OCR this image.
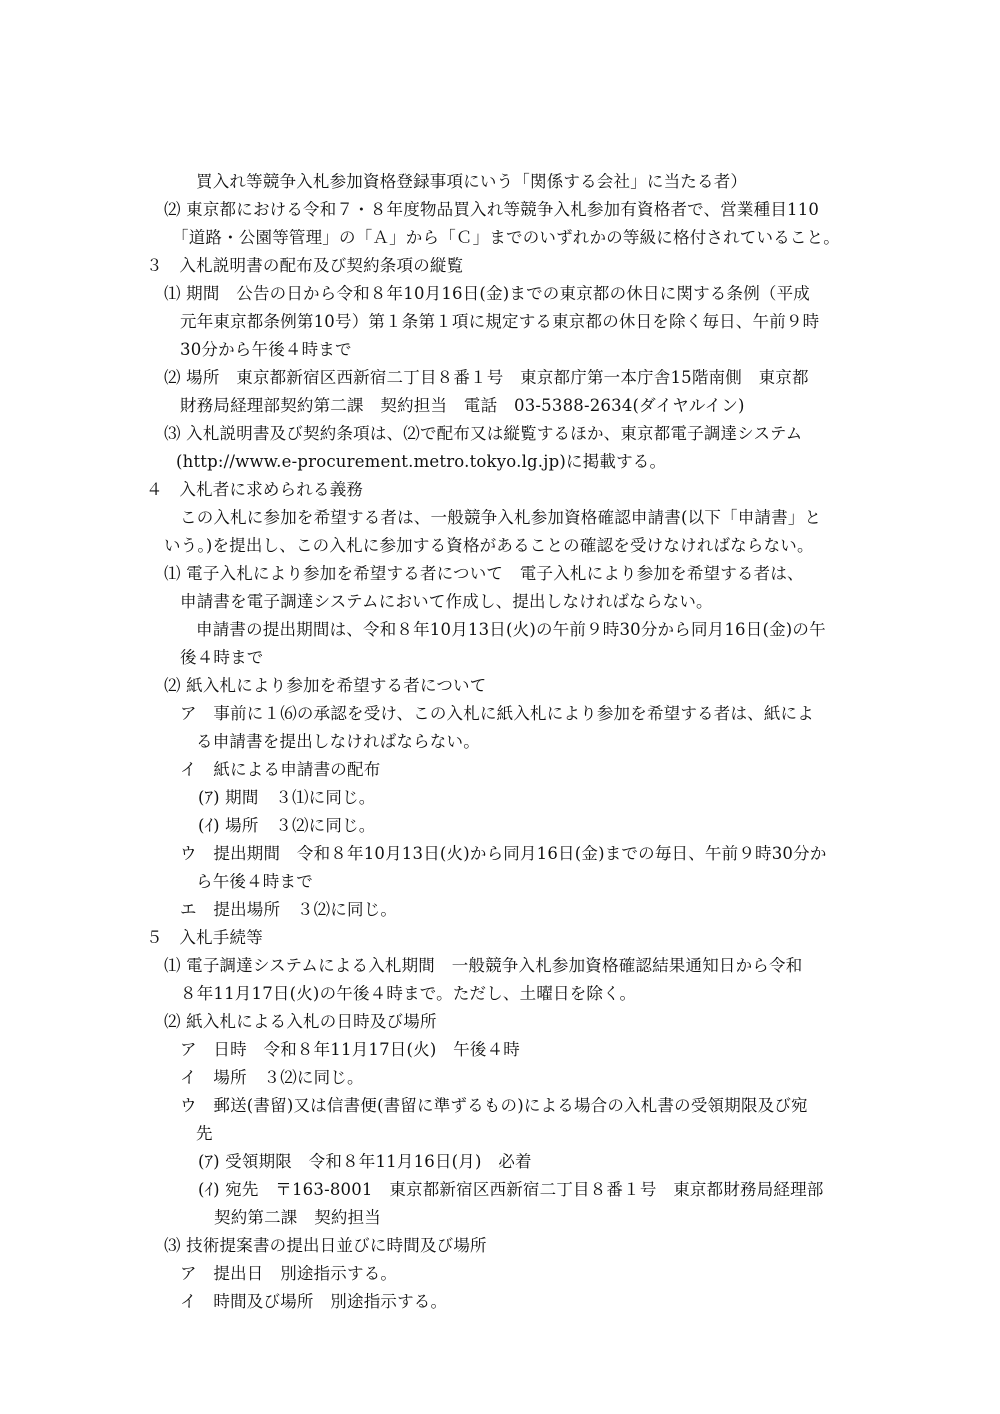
買入れ等競争入札参加資格登録事項にいう「関係する会社」に当たる者）
⑵ 東京都における令和７・８年度物品買入れ等競争入札参加有資格者で、営業種目110
「道路・公園等管理」の「Ａ」から「Ｃ」までのいずれかの等級に格付されていること。
３　入札説明書の配布及び契約条項の縦覧
⑴ 期間　公告の日から令和８年10月16日(金)までの東京都の休日に関する条例（平成
元年東京都条例第10号）第１条第１項に規定する東京都の休日を除く毎日、午前９時
30分から午後４時まで
⑵ 場所　東京都新宿区西新宿二丁目８番１号　東京都庁第一本庁舎15階南側　東京都
財務局経理部契約第二課　契約担当　電話　03-5388-2634(ダイヤルイン)
⑶ 入札説明書及び契約条項は、⑵で配布又は縦覧するほか、東京都電子調達システム
(http://www.e-procurement.metro.tokyo.lg.jp)に掲載する。
４　入札者に求められる義務
この入札に参加を希望する者は、一般競争入札参加資格確認申請書(以下「申請書」と
いう。)を提出し、この入札に参加する資格があることの確認を受けなければならない。
⑴ 電子入札により参加を希望する者について　電子入札により参加を希望する者は、
申請書を電子調達システムにおいて作成し、提出しなければならない。
申請書の提出期間は、令和８年10月13日(火)の午前９時30分から同月16日(金)の午
後４時まで
⑵ 紙入札により参加を希望する者について
ア　事前に１⑹の承認を受け、この入札に紙入札により参加を希望する者は、紙によ
る申請書を提出しなければならない。
イ　紙による申請書の配布
(ｱ) 期間　３⑴に同じ。
(ｲ) 場所　３⑵に同じ。
ウ　提出期間　令和８年10月13日(火)から同月16日(金)までの毎日、午前９時30分か
ら午後４時まで
エ　提出場所　３⑵に同じ。
５　入札手続等
⑴ 電子調達システムによる入札期間　一般競争入札参加資格確認結果通知日から令和
８年11月17日(火)の午後４時まで。ただし、土曜日を除く。
⑵ 紙入札による入札の日時及び場所
ア　日時　令和８年11月17日(火)　午後４時
イ　場所　３⑵に同じ。
ウ　郵送(書留)又は信書便(書留に準ずるもの)による場合の入札書の受領期限及び宛
先
(ｱ) 受領期限　令和８年11月16日(月)　必着
(ｲ) 宛先　〒163-8001　東京都新宿区西新宿二丁目８番１号　東京都財務局経理部
契約第二課　契約担当
⑶ 技術提案書の提出日並びに時間及び場所
ア　提出日　別途指示する。
イ　時間及び場所　別途指示する。
